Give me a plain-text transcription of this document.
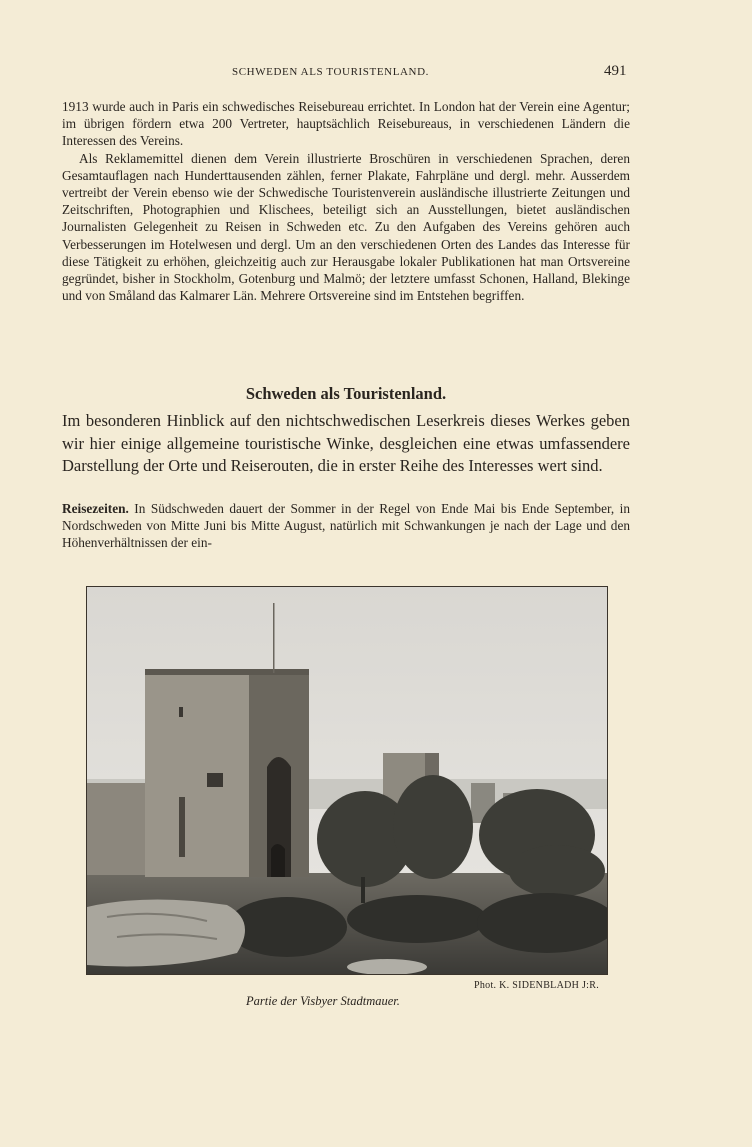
SCHWEDEN ALS TOURISTENLAND.	491

1913 wurde auch in Paris ein schwedisches Reisebureau errichtet. In London hat der Verein eine Agentur; im übrigen fördern etwa 200 Vertreter, hauptsächlich Reisebureaus, in verschiedenen Ländern die Interessen des Vereins.

Als Reklamemittel dienen dem Verein illustrierte Broschüren in verschiedenen Sprachen, deren Gesamtauflagen nach Hunderttausenden zählen, ferner Plakate, Fahrpläne und dergl. mehr. Ausserdem vertreibt der Verein ebenso wie der Schwedische Touristenverein ausländische illustrierte Zeitungen und Zeitschriften, Photographien und Klischees, beteiligt sich an Ausstellungen, bietet ausländischen Journalisten Gelegenheit zu Reisen in Schweden etc. Zu den Aufgaben des Vereins gehören auch Verbesserungen im Hotelwesen und dergl. Um an den verschiedenen Orten des Landes das Interesse für diese Tätigkeit zu erhöhen, gleichzeitig auch zur Herausgabe lokaler Publikationen hat man Ortsvereine gegründet, bisher in Stockholm, Gotenburg und Malmö; der letztere umfasst Schonen, Halland, Blekinge und von Småland das Kalmarer Län. Mehrere Ortsvereine sind im Entstehen begriffen.

Schweden als Touristenland.

Im besonderen Hinblick auf den nichtschwedischen Leserkreis dieses Werkes geben wir hier einige allgemeine touristische Winke, desgleichen eine etwas umfassendere Darstellung der Orte und Reiserouten, die in erster Reihe des Interesses wert sind.

Reisezeiten. In Südschweden dauert der Sommer in der Regel von Ende Mai bis Ende September, in Nordschweden von Mitte Juni bis Mitte August, natürlich mit Schwankungen je nach der Lage und den Höhenverhältnissen der ein-

Phot. K. SIDENBLADH J:R.
Partie der Visbyer Stadtmauer.
